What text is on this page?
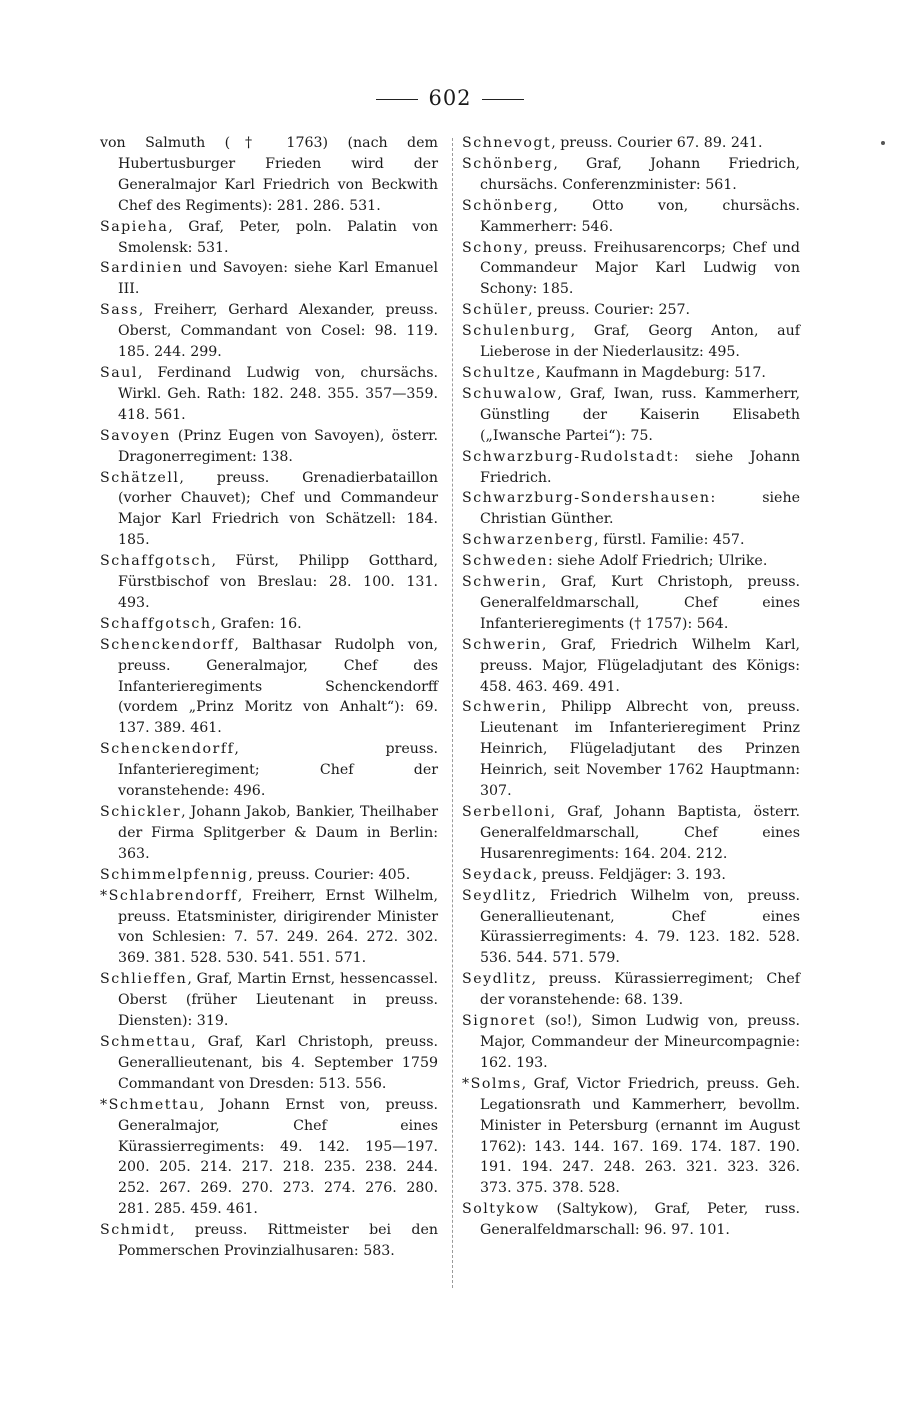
602
von Salmuth († 1763) (nach dem Hubertusburger Frieden wird der Generalmajor Karl Friedrich von Beckwith Chef des Regiments): 281. 286. 531.
Sapieha, Graf, Peter, poln. Palatin von Smolensk: 531.
Sardinien und Savoyen: siehe Karl Emanuel III.
Sass, Freiherr, Gerhard Alexander, preuss. Oberst, Commandant von Cosel: 98. 119. 185. 244. 299.
Saul, Ferdinand Ludwig von, chursächs. Wirkl. Geh. Rath: 182. 248. 355. 357—359. 418. 561.
Savoyen (Prinz Eugen von Savoyen), österr. Dragonerregiment: 138.
Schätzell, preuss. Grenadierbataillon (vorher Chauvet); Chef und Commandeur Major Karl Friedrich von Schätzell: 184. 185.
Schaffgotsch, Fürst, Philipp Gotthard, Fürstbischof von Breslau: 28. 100. 131. 493.
Schaffgotsch, Grafen: 16.
Schenckendorff, Balthasar Rudolph von, preuss. Generalmajor, Chef des Infanterieregiments Schenckendorff (vordem „Prinz Moritz von Anhalt“): 69. 137. 389. 461.
Schenckendorff, preuss. Infanterieregiment; Chef der voranstehende: 496.
Schickler, Johann Jakob, Bankier, Theilhaber der Firma Splitgerber & Daum in Berlin: 363.
Schimmelpfennig, preuss. Courier: 405.
*Schlabrendorff, Freiherr, Ernst Wilhelm, preuss. Etatsminister, dirigirender Minister von Schlesien: 7. 57. 249. 264. 272. 302. 369. 381. 528. 530. 541. 551. 571.
Schlieffen, Graf, Martin Ernst, hessencassel. Oberst (früher Lieutenant in preuss. Diensten): 319.
Schmettau, Graf, Karl Christoph, preuss. Generallieutenant, bis 4. September 1759 Commandant von Dresden: 513. 556.
*Schmettau, Johann Ernst von, preuss. Generalmajor, Chef eines Kürassierregiments: 49. 142. 195—197. 200. 205. 214. 217. 218. 235. 238. 244. 252. 267. 269. 270. 273. 274. 276. 280. 281. 285. 459. 461.
Schmidt, preuss. Rittmeister bei den Pommerschen Provinzialhusaren: 583.
Schnevogt, preuss. Courier 67. 89. 241.
Schönberg, Graf, Johann Friedrich, chursächs. Conferenzminister: 561.
Schönberg, Otto von, chursächs. Kammerherr: 546.
Schony, preuss. Freihusarencorps; Chef und Commandeur Major Karl Ludwig von Schony: 185.
Schüler, preuss. Courier: 257.
Schulenburg, Graf, Georg Anton, auf Lieberose in der Niederlausitz: 495.
Schultze, Kaufmann in Magdeburg: 517.
Schuwalow, Graf, Iwan, russ. Kammerherr, Günstling der Kaiserin Elisabeth („Iwansche Partei“): 75.
Schwarzburg-Rudolstadt: siehe Johann Friedrich.
Schwarzburg-Sondershausen: siehe Christian Günther.
Schwarzenberg, fürstl. Familie: 457.
Schweden: siehe Adolf Friedrich; Ulrike.
Schwerin, Graf, Kurt Christoph, preuss. Generalfeldmarschall, Chef eines Infanterieregiments († 1757): 564.
Schwerin, Graf, Friedrich Wilhelm Karl, preuss. Major, Flügeladjutant des Königs: 458. 463. 469. 491.
Schwerin, Philipp Albrecht von, preuss. Lieutenant im Infanterieregiment Prinz Heinrich, Flügeladjutant des Prinzen Heinrich, seit November 1762 Hauptmann: 307.
Serbelloni, Graf, Johann Baptista, österr. Generalfeldmarschall, Chef eines Husarenregiments: 164. 204. 212.
Seydack, preuss. Feldjäger: 3. 193.
Seydlitz, Friedrich Wilhelm von, preuss. Generallieutenant, Chef eines Kürassierregiments: 4. 79. 123. 182. 528. 536. 544. 571. 579.
Seydlitz, preuss. Kürassierregiment; Chef der voranstehende: 68. 139.
Signoret (so!), Simon Ludwig von, preuss. Major, Commandeur der Mineurcompagnie: 162. 193.
*Solms, Graf, Victor Friedrich, preuss. Geh. Legationsrath und Kammerherr, bevollm. Minister in Petersburg (ernannt im August 1762): 143. 144. 167. 169. 174. 187. 190. 191. 194. 247. 248. 263. 321. 323. 326. 373. 375. 378. 528.
Soltykow (Saltykow), Graf, Peter, russ. Generalfeldmarschall: 96. 97. 101.
